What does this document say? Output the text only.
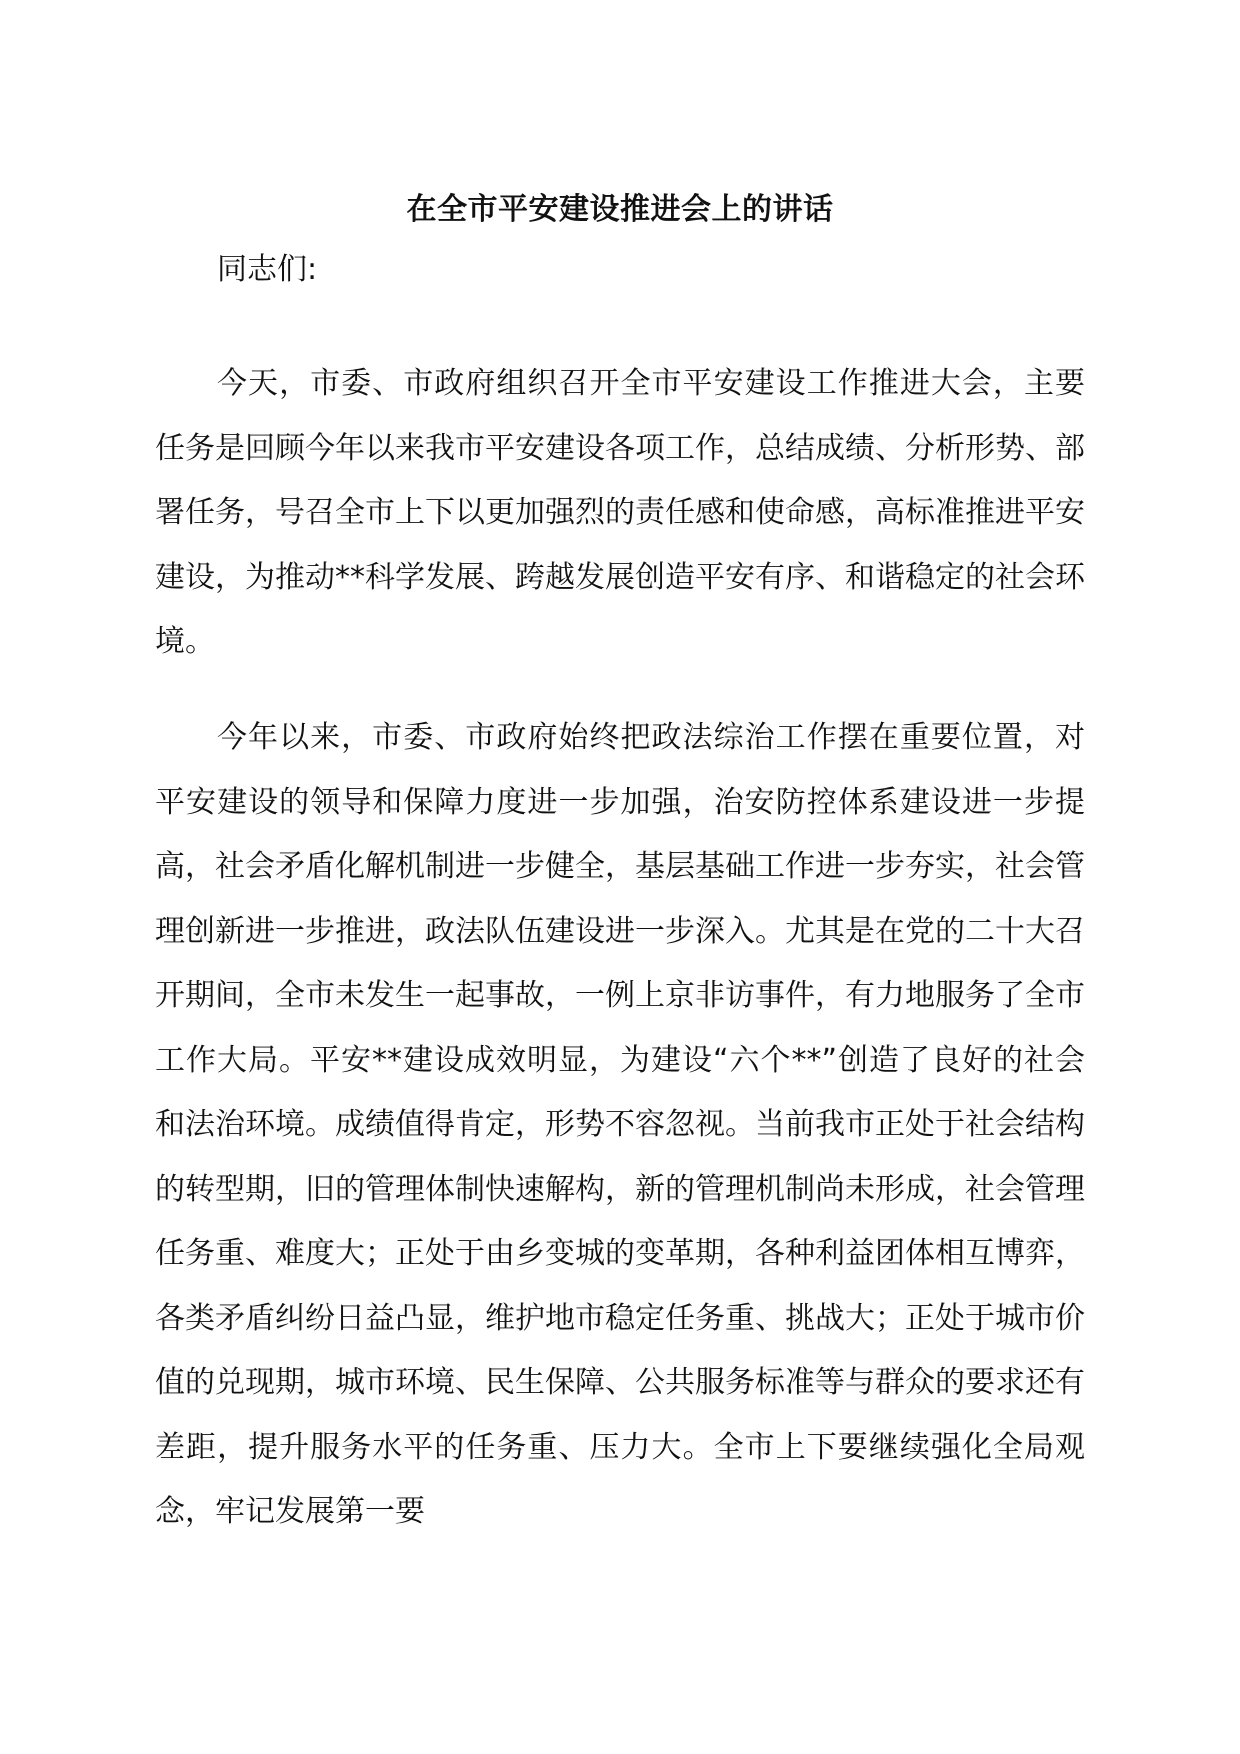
在全市平安建设推进会上的讲话
同志们:

今天，市委、市政府组织召开全市平安建设工作推进大会，主要任务是回顾今年以来我市平安建设各项工作，总结成绩、分析形势、部署任务，号召全市上下以更加强烈的责任感和使命感，高标准推进平安建设，为推动**科学发展、跨越发展创造平安有序、和谐稳定的社会环境。

今年以来，市委、市政府始终把政法综治工作摆在重要位置，对平安建设的领导和保障力度进一步加强，治安防控体系建设进一步提高，社会矛盾化解机制进一步健全，基层基础工作进一步夯实，社会管理创新进一步推进，政法队伍建设进一步深入。尤其是在党的二十大召开期间，全市未发生一起事故，一例上京非访事件，有力地服务了全市工作大局。平安**建设成效明显，为建设“六个**”创造了良好的社会和法治环境。成绩值得肯定，形势不容忽视。当前我市正处于社会结构的转型期，旧的管理体制快速解构，新的管理机制尚未形成，社会管理任务重、难度大；正处于由乡变城的变革期，各种利益团体相互博弈，各类矛盾纠纷日益凸显，维护地市稳定任务重、挑战大；正处于城市价值的兑现期，城市环境、民生保障、公共服务标准等与群众的要求还有差距，提升服务水平的任务重、压力大。全市上下要继续强化全局观念，牢记发展第一要
